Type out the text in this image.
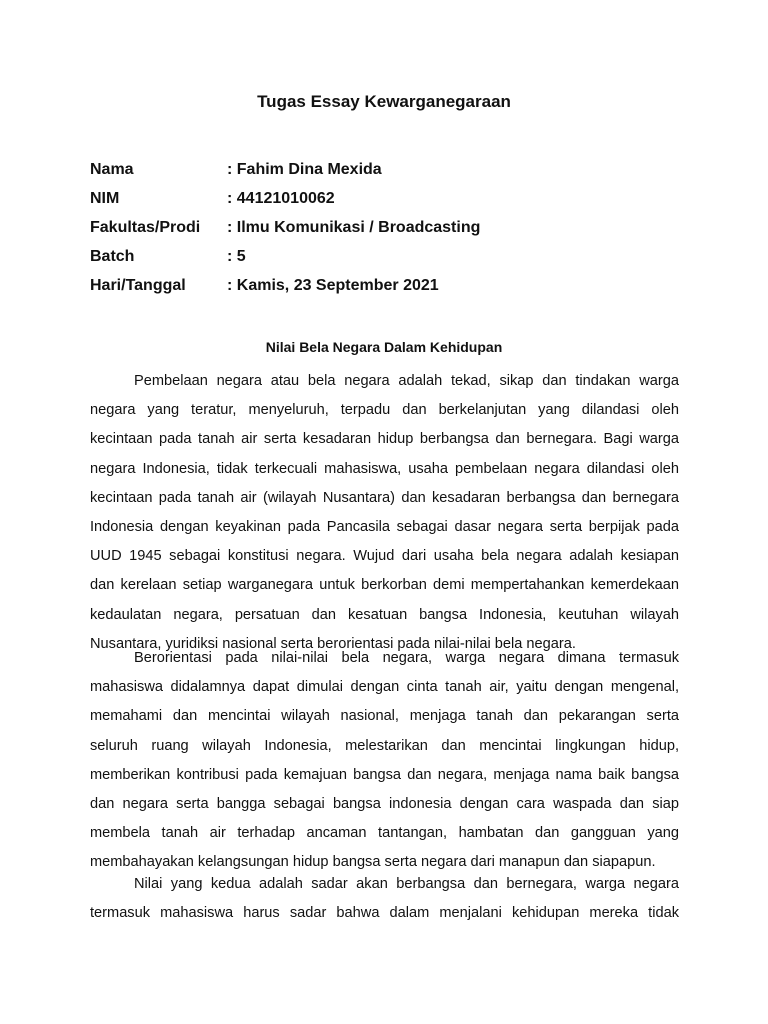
Tugas Essay Kewarganegaraan
Nama	: Fahim Dina Mexida
NIM	: 44121010062
Fakultas/Prodi	: Ilmu Komunikasi / Broadcasting
Batch	: 5
Hari/Tanggal	: Kamis, 23 September 2021
Nilai Bela Negara Dalam Kehidupan
Pembelaan negara atau bela negara adalah tekad, sikap dan tindakan warga
negara yang teratur, menyeluruh, terpadu dan berkelanjutan yang dilandasi oleh
kecintaan pada tanah air serta kesadaran hidup berbangsa dan bernegara. Bagi warga
negara Indonesia, tidak terkecuali mahasiswa, usaha pembelaan negara dilandasi oleh
kecintaan pada tanah air (wilayah Nusantara) dan kesadaran berbangsa dan bernegara
Indonesia dengan keyakinan pada Pancasila sebagai dasar negara serta berpijak pada
UUD 1945 sebagai konstitusi negara. Wujud dari usaha bela negara adalah kesiapan
dan kerelaan setiap warganegara untuk berkorban demi mempertahankan kemerdekaan
kedaulatan negara, persatuan dan kesatuan bangsa Indonesia, keutuhan wilayah
Nusantara, yuridiksi nasional serta berorientasi pada nilai-nilai bela negara.
Berorientasi pada nilai-nilai bela negara, warga negara dimana termasuk
mahasiswa didalamnya dapat dimulai dengan cinta tanah air, yaitu dengan mengenal,
memahami dan mencintai wilayah nasional, menjaga tanah dan pekarangan serta
seluruh ruang wilayah Indonesia, melestarikan dan mencintai lingkungan hidup,
memberikan kontribusi pada kemajuan bangsa dan negara, menjaga nama baik bangsa
dan negara serta bangga sebagai bangsa indonesia dengan cara waspada dan siap
membela tanah air terhadap ancaman tantangan, hambatan dan gangguan yang
membahayakan kelangsungan hidup bangsa serta negara dari manapun dan siapapun.
Nilai yang kedua adalah sadar akan berbangsa dan bernegara, warga negara
termasuk mahasiswa harus sadar bahwa dalam menjalani kehidupan mereka tidak
